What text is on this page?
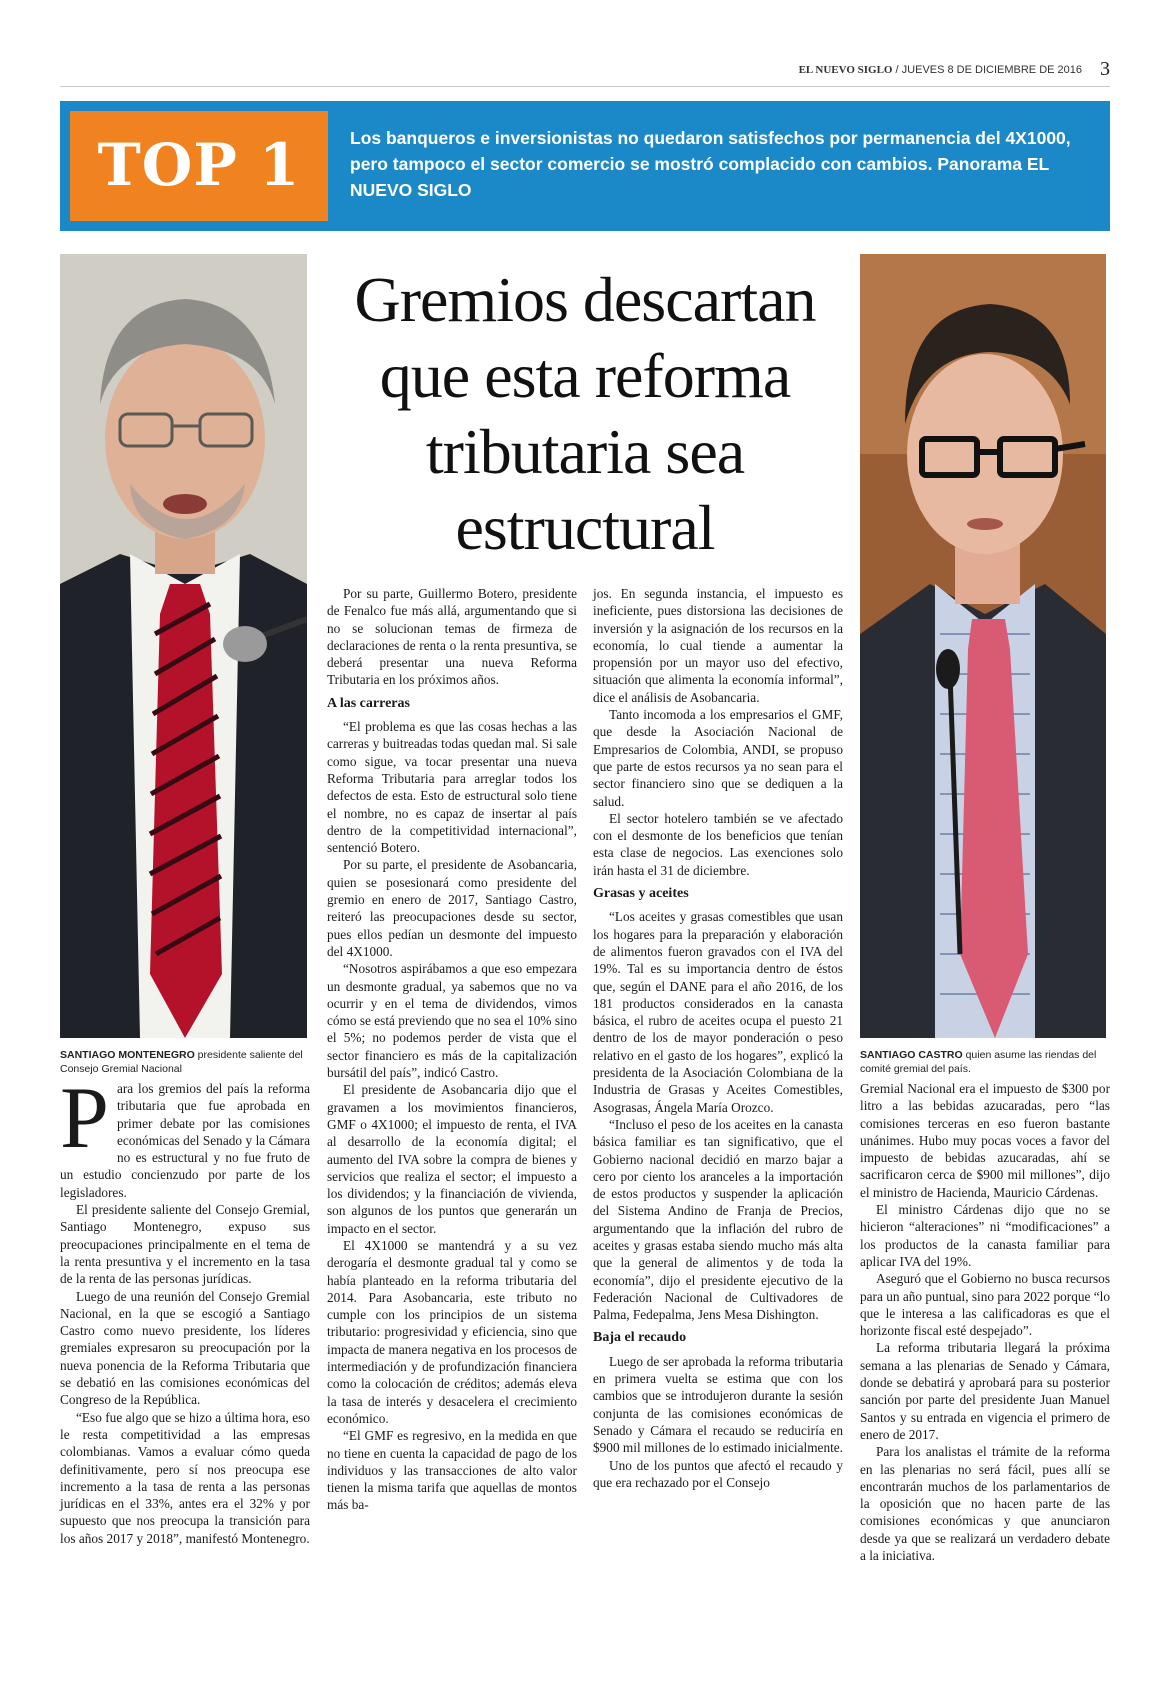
EL NUEVO SIGLO / JUEVES 8 DE DICIEMBRE DE 2016 3
TOP 1	Los banqueros e inversionistas no quedaron satisfechos por permanencia del 4X1000, pero tampoco el sector comercio se mostró complacido con cambios. Panorama EL NUEVO SIGLO
SANTIAGO MONTENEGRO presidente saliente del Consejo Gremial Nacional
SANTIAGO CASTRO quien asume las riendas del comité gremial del país.
Gremios descartan que esta reforma tributaria sea estructural

Para los gremios del país la reforma tributaria que fue aprobada en primer debate por las comisiones económicas del Senado y la Cámara no es estructural y no fue fruto de un estudio concienzudo por parte de los legisladores.

El presidente saliente del Consejo Gremial, Santiago Montenegro, expuso sus preocupaciones principalmente en el tema de la renta presuntiva y el incremento en la tasa de la renta de las personas jurídicas.

Luego de una reunión del Consejo Gremial Nacional, en la que se escogió a Santiago Castro como nuevo presidente, los líderes gremiales expresaron su preocupación por la nueva ponencia de la Reforma Tributaria que se debatió en las comisiones económicas del Congreso de la República.

“Eso fue algo que se hizo a última hora, eso le resta competitividad a las empresas colombianas. Vamos a evaluar cómo queda definitivamente, pero sí nos preocupa ese incremento a la tasa de renta a las personas jurídicas en el 33%, antes era el 32% y por supuesto que nos preocupa la transición para los años 2017 y 2018”, manifestó Montenegro.

Por su parte, Guillermo Botero, presidente de Fenalco fue más allá, argumentando que si no se solucionan temas de firmeza de declaraciones de renta o la renta presuntiva, se deberá presentar una nueva Reforma Tributaria en los próximos años.

A las carreras

“El problema es que las cosas hechas a las carreras y buitreadas todas quedan mal. Si sale como sigue, va tocar presentar una nueva Reforma Tributaria para arreglar todos los defectos de esta. Esto de estructural solo tiene el nombre, no es capaz de insertar al país dentro de la competitividad internacional”, sentenció Botero.

Por su parte, el presidente de Asobancaria, quien se posesionará como presidente del gremio en enero de 2017, Santiago Castro, reiteró las preocupaciones desde su sector, pues ellos pedían un desmonte del impuesto del 4X1000.

“Nosotros aspirábamos a que eso empezara un desmonte gradual, ya sabemos que no va ocurrir y en el tema de dividendos, vimos cómo se está previendo que no sea el 10% sino el 5%; no podemos perder de vista que el sector financiero es más de la capitalización bursátil del país”, indicó Castro.

El presidente de Asobancaria dijo que el gravamen a los movimientos financieros, GMF o 4X1000; el impuesto de renta, el IVA al desarrollo de la economía digital; el aumento del IVA sobre la compra de bienes y servicios que realiza el sector; el impuesto a los dividendos; y la financiación de vivienda, son algunos de los puntos que generarán un impacto en el sector.

El 4X1000 se mantendrá y a su vez derogaría el desmonte gradual tal y como se había planteado en la reforma tributaria del 2014. Para Asobancaria, este tributo no cumple con los principios de un sistema tributario: progresividad y eficiencia, sino que impacta de manera negativa en los procesos de intermediación y de profundización financiera como la colocación de créditos; además eleva la tasa de interés y desacelera el crecimiento económico.

“El GMF es regresivo, en la medida en que no tiene en cuenta la capacidad de pago de los individuos y las transacciones de alto valor tienen la misma tarifa que aquellas de montos más ba-

jos. En segunda instancia, el impuesto es ineficiente, pues distorsiona las decisiones de inversión y la asignación de los recursos en la economía, lo cual tiende a aumentar la propensión por un mayor uso del efectivo, situación que alimenta la economía informal”, dice el análisis de Asobancaria.

Tanto incomoda a los empresarios el GMF, que desde la Asociación Nacional de Empresarios de Colombia, ANDI, se propuso que parte de estos recursos ya no sean para el sector financiero sino que se dediquen a la salud.

El sector hotelero también se ve afectado con el desmonte de los beneficios que tenían esta clase de negocios. Las exenciones solo irán hasta el 31 de diciembre.

Grasas y aceites

“Los aceites y grasas comestibles que usan los hogares para la preparación y elaboración de alimentos fueron gravados con el IVA del 19%. Tal es su importancia dentro de éstos que, según el DANE para el año 2016, de los 181 productos considerados en la canasta básica, el rubro de aceites ocupa el puesto 21 dentro de los de mayor ponderación o peso relativo en el gasto de los hogares”, explicó la presidenta de la Asociación Colombiana de la Industria de Grasas y Aceites Comestibles, Asograsas, Ángela María Orozco.

“Incluso el peso de los aceites en la canasta básica familiar es tan significativo, que el Gobierno nacional decidió en marzo bajar a cero por ciento los aranceles a la importación de estos productos y suspender la aplicación del Sistema Andino de Franja de Precios, argumentando que la inflación del rubro de aceites y grasas estaba siendo mucho más alta que la general de alimentos y de toda la economía”, dijo el presidente ejecutivo de la Federación Nacional de Cultivadores de Palma, Fedepalma, Jens Mesa Dishington.

Baja el recaudo

Luego de ser aprobada la reforma tributaria en primera vuelta se estima que con los cambios que se introdujeron durante la sesión conjunta de las comisiones económicas de Senado y Cámara el recaudo se reduciría en $900 mil millones de lo estimado inicialmente.

Uno de los puntos que afectó el recaudo y que era rechazado por el Consejo

Gremial Nacional era el impuesto de $300 por litro a las bebidas azucaradas, pero “las comisiones terceras en eso fueron bastante unánimes. Hubo muy pocas voces a favor del impuesto de bebidas azucaradas, ahí se sacrificaron cerca de $900 mil millones”, dijo el ministro de Hacienda, Mauricio Cárdenas.

El ministro Cárdenas dijo que no se hicieron “alteraciones” ni “modificaciones” a los productos de la canasta familiar para aplicar IVA del 19%.

Aseguró que el Gobierno no busca recursos para un año puntual, sino para 2022 porque “lo que le interesa a las calificadoras es que el horizonte fiscal esté despejado”.

La reforma tributaria llegará la próxima semana a las plenarias de Senado y Cámara, donde se debatirá y aprobará para su posterior sanción por parte del presidente Juan Manuel Santos y su entrada en vigencia el primero de enero de 2017.

Para los analistas el trámite de la reforma en las plenarias no será fácil, pues allí se encontrarán muchos de los parlamentarios de la oposición que no hacen parte de las comisiones económicas y que anunciaron desde ya que se realizará un verdadero debate a la iniciativa.
